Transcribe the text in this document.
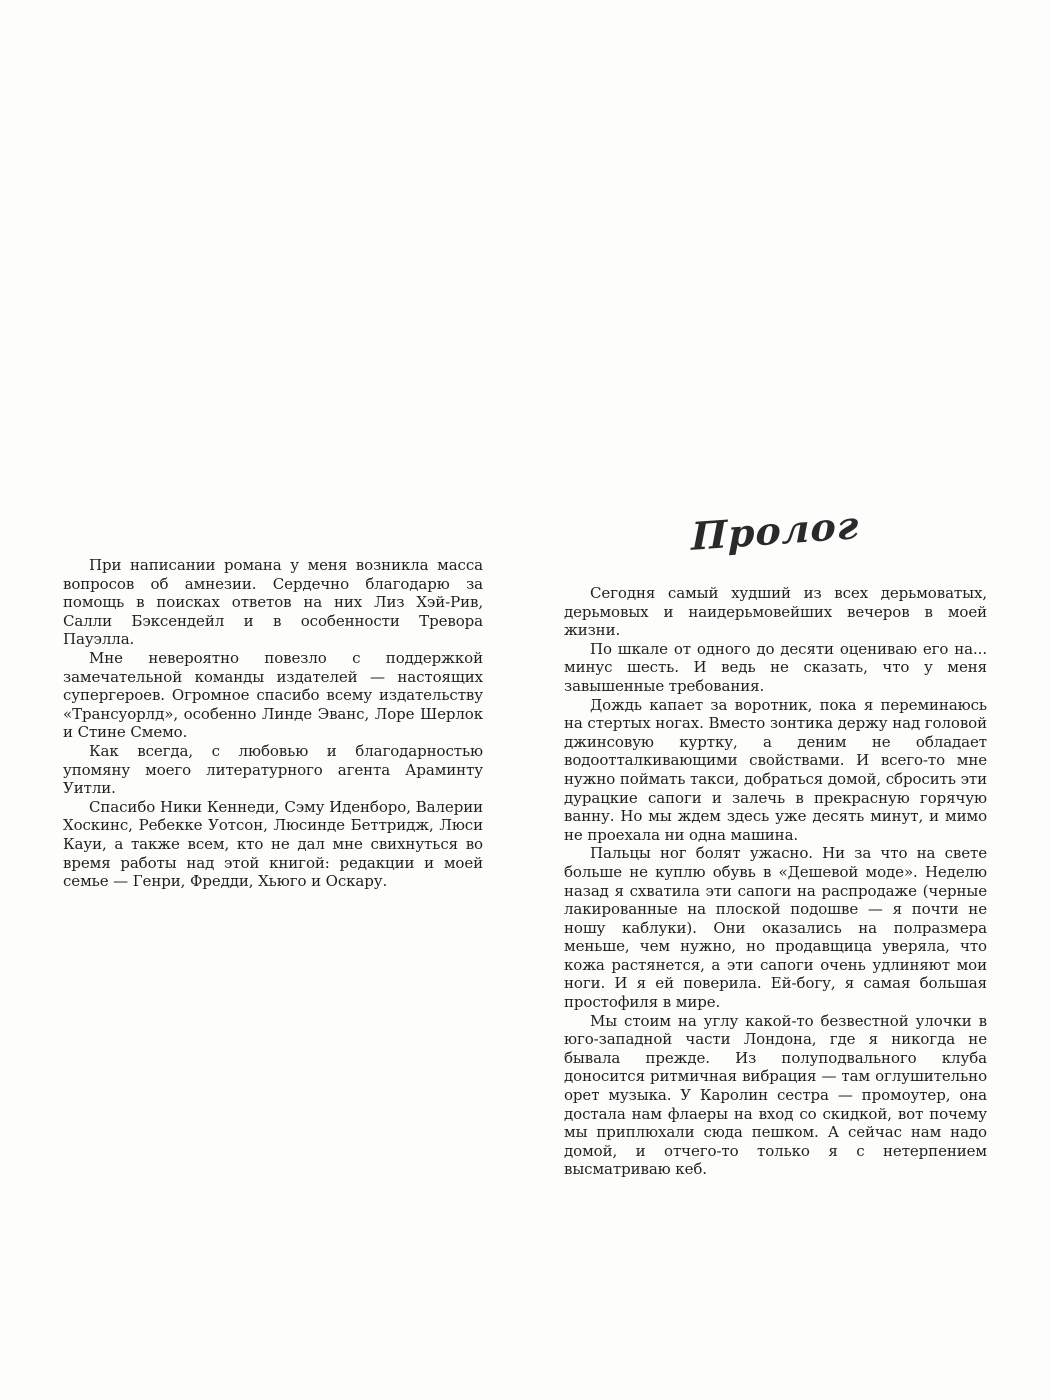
При написании романа у меня возникла масса вопросов об амнезии. Сердечно благодарю за помощь в поисках ответов на них Лиз Хэй-Рив, Салли Бэксендейл и в особенности Тревора Пауэлла.

Мне невероятно повезло с поддержкой замечательной команды издателей — настоящих супергероев. Огромное спасибо всему издательству «Трансуорлд», особенно Линде Эванс, Лоре Шерлок и Стине Смемо.

Как всегда, с любовью и благодарностью упомяну моего литературного агента Араминту Уитли.

Спасибо Ники Кеннеди, Сэму Иденборо, Валерии Хоскинс, Ребекке Уотсон, Люсинде Беттридж, Люси Кауи, а также всем, кто не дал мне свихнуться во время работы над этой книгой: редакции и моей семье — Генри, Фредди, Хьюго и Оскару.

Пролог

Сегодня самый худший из всех дерьмоватых, дерьмовых и наидерьмовейших вечеров в моей жизни.

По шкале от одного до десяти оцениваю его на... минус шесть. И ведь не сказать, что у меня завышенные требования.

Дождь капает за воротник, пока я переминаюсь на стертых ногах. Вместо зонтика держу над головой джинсовую куртку, а деним не обладает водоотталкивающими свойствами. И всего-то мне нужно поймать такси, добраться домой, сбросить эти дурацкие сапоги и залечь в прекрасную горячую ванну. Но мы ждем здесь уже десять минут, и мимо не проехала ни одна машина.

Пальцы ног болят ужасно. Ни за что на свете больше не куплю обувь в «Дешевой моде». Неделю назад я схватила эти сапоги на распродаже (черные лакированные на плоской подошве — я почти не ношу каблуки). Они оказались на полразмера меньше, чем нужно, но продавщица уверяла, что кожа растянется, а эти сапоги очень удлиняют мои ноги. И я ей поверила. Ей-богу, я самая большая простофиля в мире.

Мы стоим на углу какой-то безвестной улочки в юго-западной части Лондона, где я никогда не бывала прежде. Из полуподвального клуба доносится ритмичная вибрация — там оглушительно орет музыка. У Каролин сестра — промоутер, она достала нам флаеры на вход со скидкой, вот почему мы приплюхали сюда пешком. А сейчас нам надо домой, и отчего-то только я с нетерпением высматриваю кеб.
